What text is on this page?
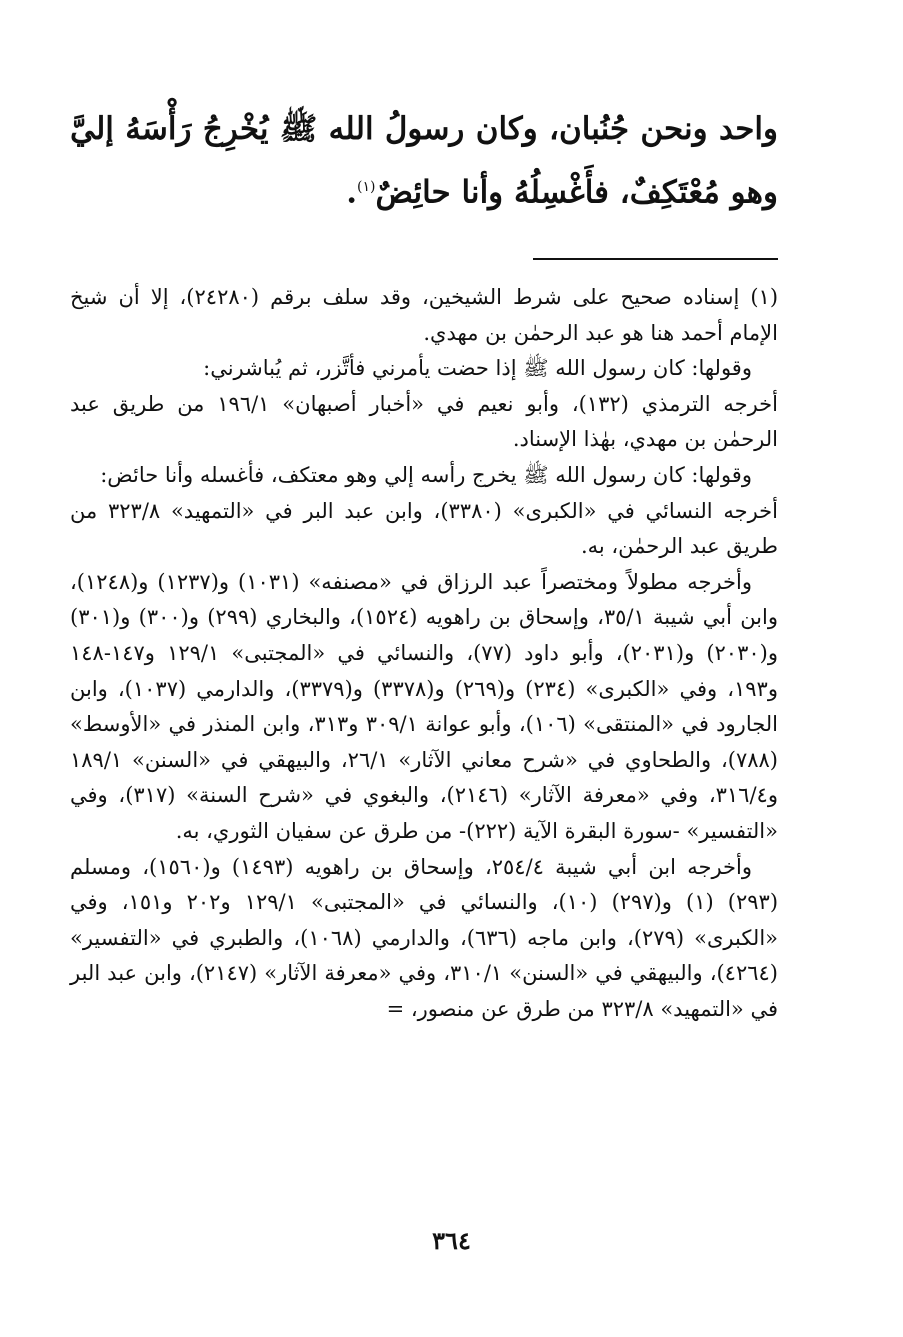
واحد ونحن جُنُبان، وكان رسولُ الله ﷺ يُخْرِجُ رَأْسَهُ إليَّ وهو مُعْتَكِفٌ، فأَغْسِلُهُ وأنا حائِضٌ$^{(١)}$.

(١) إسناده صحيح على شرط الشيخين، وقد سلف برقم (٢٤٢٨٠)، إلا أن شيخ الإمام أحمد هنا هو عبد الرحمٰن بن مهدي.

وقولها: كان رسول الله ﷺ إذا حضت يأمرني فأتَّزر، ثم يُباشرني:

أخرجه الترمذي (١٣٢)، وأبو نعيم في «أخبار أصبهان» ١٩٦/١ من طريق عبد الرحمٰن بن مهدي، بهٰذا الإسناد.

وقولها: كان رسول الله ﷺ يخرج رأسه إلي وهو معتكف، فأغسله وأنا حائض:

أخرجه النسائي في «الكبرى» (٣٣٨٠)، وابن عبد البر في «التمهيد» ٣٢٣/٨ من طريق عبد الرحمٰن، به.

وأخرجه مطولاً ومختصراً عبد الرزاق في «مصنفه» (١٠٣١) و(١٢٣٧) و(١٢٤٨)، وابن أبي شيبة ٣٥/١، وإسحاق بن راهويه (١٥٢٤)، والبخاري (٢٩٩) و(٣٠٠) و(٣٠١) و(٢٠٣٠) و(٢٠٣١)، وأبو داود (٧٧)، والنسائي في «المجتبى» ١٢٩/١ و١٤٧-١٤٨ و١٩٣، وفي «الكبرى» (٢٣٤) و(٢٦٩) و(٣٣٧٨) و(٣٣٧٩)، والدارمي (١٠٣٧)، وابن الجارود في «المنتقى» (١٠٦)، وأبو عوانة ٣٠٩/١ و٣١٣، وابن المنذر في «الأوسط» (٧٨٨)، والطحاوي في «شرح معاني الآثار» ٢٦/١، والبيهقي في «السنن» ١٨٩/١ و٣١٦/٤، وفي «معرفة الآثار» (٢١٤٦)، والبغوي في «شرح السنة» (٣١٧)، وفي «التفسير» -سورة البقرة الآية (٢٢٢)- من طرق عن سفيان الثوري، به.

وأخرجه ابن أبي شيبة ٢٥٤/٤، وإسحاق بن راهويه (١٤٩٣) و(١٥٦٠)، ومسلم (٢٩٣) (١) و(٢٩٧) (١٠)، والنسائي في «المجتبى» ١٢٩/١ و٢٠٢ و١٥١، وفي «الكبرى» (٢٧٩)، وابن ماجه (٦٣٦)، والدارمي (١٠٦٨)، والطبري في «التفسير» (٤٢٦٤)، والبيهقي في «السنن» ٣١٠/١، وفي «معرفة الآثار» (٢١٤٧)، وابن عبد البر في «التمهيد» ٣٢٣/٨ من طرق عن منصور، =

٣٦٤
